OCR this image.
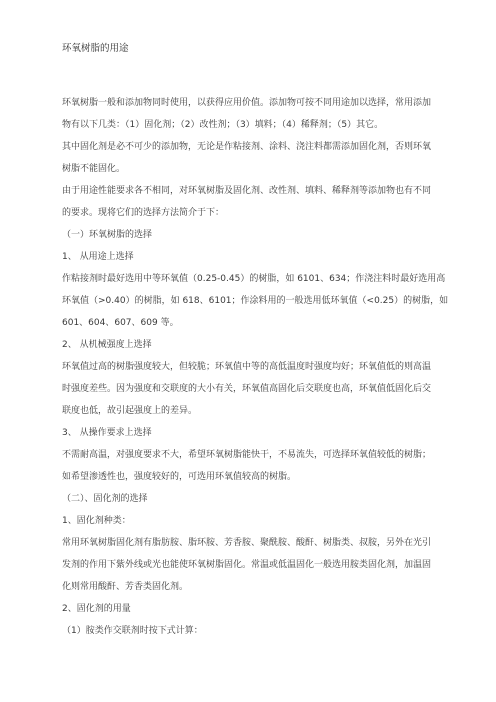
环氧树脂的用途
环氧树脂一般和添加物同时使用，以获得应用价值。添加物可按不同用途加以选择，常用添加
物有以下几类：（1）固化剂；（2）改性剂；（3）填料；（4）稀释剂；（5）其它。
其中固化剂是必不可少的添加物，无论是作粘接剂、涂料、浇注料都需添加固化剂，否则环氧
树脂不能固化。
由于用途性能要求各不相同，对环氧树脂及固化剂、改性剂、填料、稀释剂等添加物也有不同
的要求。现将它们的选择方法简介于下：
（一）环氧树脂的选择
1、 从用途上选择
作粘接剂时最好选用中等环氧值（0.25-0.45）的树脂，如 6101、634；作浇注料时最好选用高
环氧值（>0.40）的树脂，如 618、6101；作涂料用的一般选用低环氧值（<0.25）的树脂，如
601、604、607、609 等。
2、 从机械强度上选择
环氧值过高的树脂强度较大，但较脆；环氧值中等的高低温度时强度均好；环氧值低的则高温
时强度差些。因为强度和交联度的大小有关，环氧值高固化后交联度也高，环氧值低固化后交
联度也低，故引起强度上的差异。
3、 从操作要求上选择
不需耐高温，对强度要求不大，希望环氧树脂能快干，不易流失，可选择环氧值较低的树脂；
如希望渗透性也，强度较好的，可选用环氧值较高的树脂。
（二）、固化剂的选择
1、固化剂种类：
常用环氧树脂固化剂有脂肪胺、脂环胺、芳香胺、聚酰胺、酸酐、树脂类、叔胺，另外在光引
发剂的作用下紫外线或光也能使环氧树脂固化。常温或低温固化一般选用胺类固化剂，加温固
化则常用酸酐、芳香类固化剂。
2、固化剂的用量
（1）胺类作交联剂时按下式计算：
